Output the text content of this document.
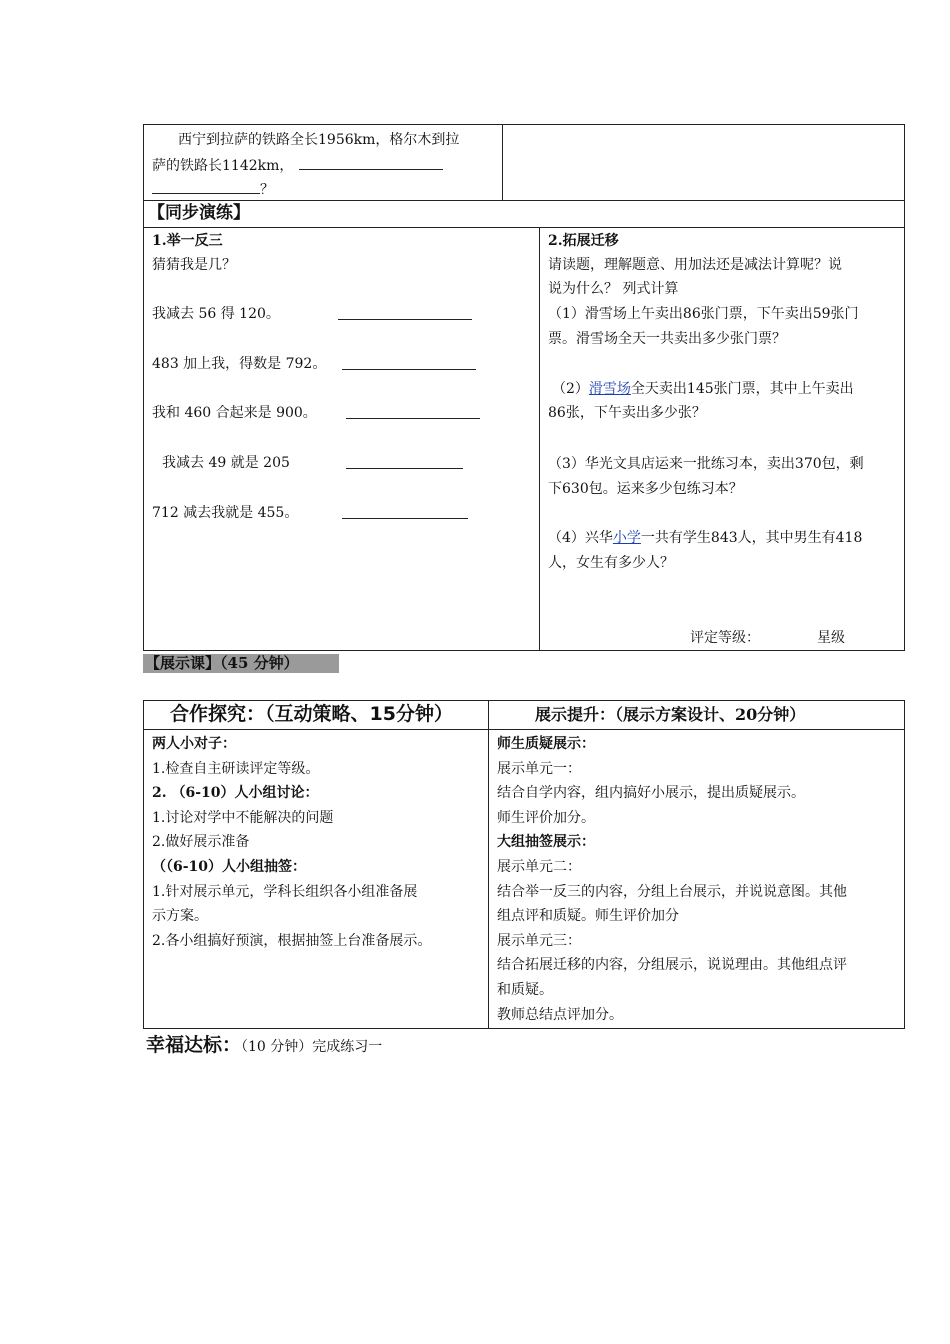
西宁到拉萨的铁路全长1956km，格尔木到拉
萨的铁路长1142km，
？
【同步演练】
1.举一反三
猜猜我是几？
我减去 56 得 120。
483 加上我，得数是 792。
我和 460 合起来是 900。
我减去 49 就是 205
712 减去我就是 455。
2.拓展迁移
请读题，理解题意、用加法还是减法计算呢？说
说为什么？ 列式计算
（1）滑雪场上午卖出86张门票，下午卖出59张门
票。滑雪场全天一共卖出多少张门票？
（2）滑雪场全天卖出145张门票，其中上午卖出
86张，下午卖出多少张？
（3）华光文具店运来一批练习本，卖出370包，剩
下630包。运来多少包练习本？
（4）兴华小学一共有学生843人，其中男生有418
人，女生有多少人？
评定等级：	星级
【展示课】（45 分钟）
合作探究：（互动策略、15分钟）	展示提升：（展示方案设计、20分钟）
两人小对子：
1.检查自主研读评定等级。
2. （6-10）人小组讨论：
1.讨论对学中不能解决的问题
2.做好展示准备
（（6-10）人小组抽签：
1.针对展示单元，学科长组织各小组准备展
示方案。
2.各小组搞好预演，根据抽签上台准备展示。
师生质疑展示：
展示单元一：
结合自学内容，组内搞好小展示，提出质疑展示。
师生评价加分。
大组抽签展示：
展示单元二：
结合举一反三的内容，分组上台展示，并说说意图。其他
组点评和质疑。师生评价加分
展示单元三：
结合拓展迁移的内容，分组展示，说说理由。其他组点评
和质疑。
教师总结点评加分。
幸福达标：（10 分钟）完成练习一
